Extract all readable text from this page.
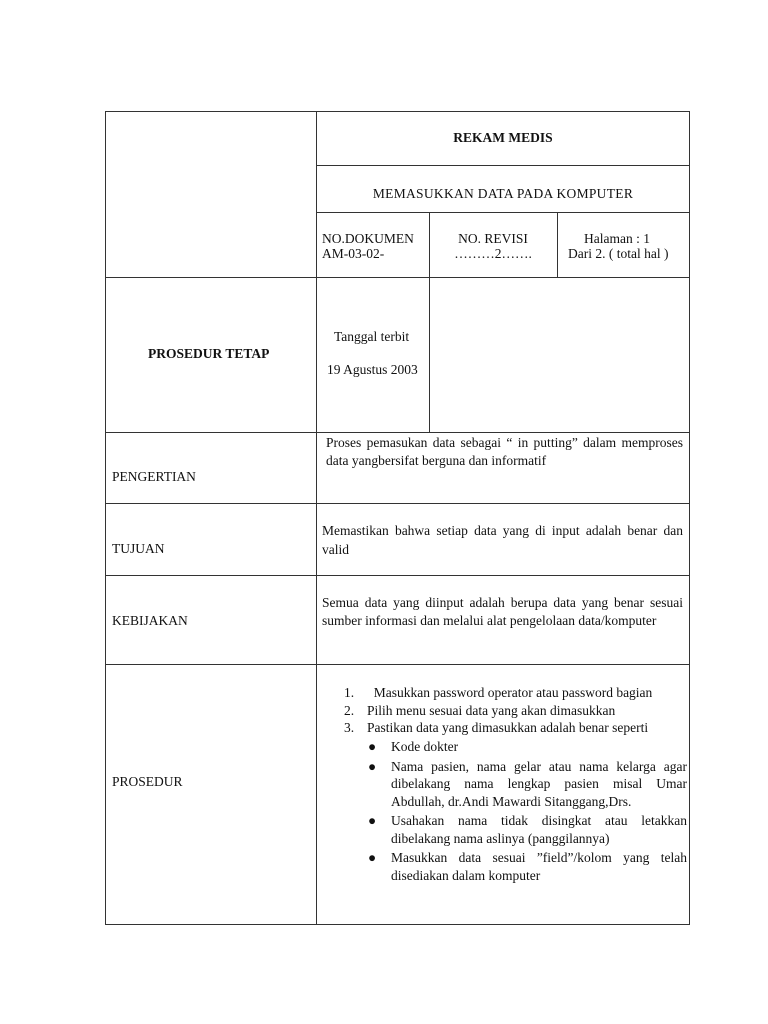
REKAM MEDIS
MEMASUKKAN DATA PADA KOMPUTER
NO.DOKUMEN
AM-03-02-
NO. REVISI
………2…….
Halaman : 1
Dari 2. ( total hal )
PROSEDUR TETAP
Tanggal terbit
19 Agustus 2003
PENGERTIAN
Proses pemasukan data sebagai “ in putting” dalam memproses data yangbersifat berguna dan informatif
TUJUAN
Memastikan bahwa setiap data yang di input adalah benar dan valid
KEBIJAKAN
Semua data yang diinput adalah berupa data yang benar sesuai sumber informasi dan melalui alat pengelolaan data/komputer
PROSEDUR
1. Masukkan password operator atau password bagian
2. Pilih menu sesuai data yang akan dimasukkan
3. Pastikan data yang dimasukkan adalah benar seperti
● Kode dokter
● Nama pasien, nama gelar atau nama kelarga agar dibelakang nama lengkap pasien misal Umar Abdullah, dr.Andi Mawardi Sitanggang,Drs.
● Usahakan nama tidak disingkat atau letakkan dibelakang nama aslinya (panggilannya)
● Masukkan data sesuai ”field”/kolom yang telah disediakan dalam komputer
